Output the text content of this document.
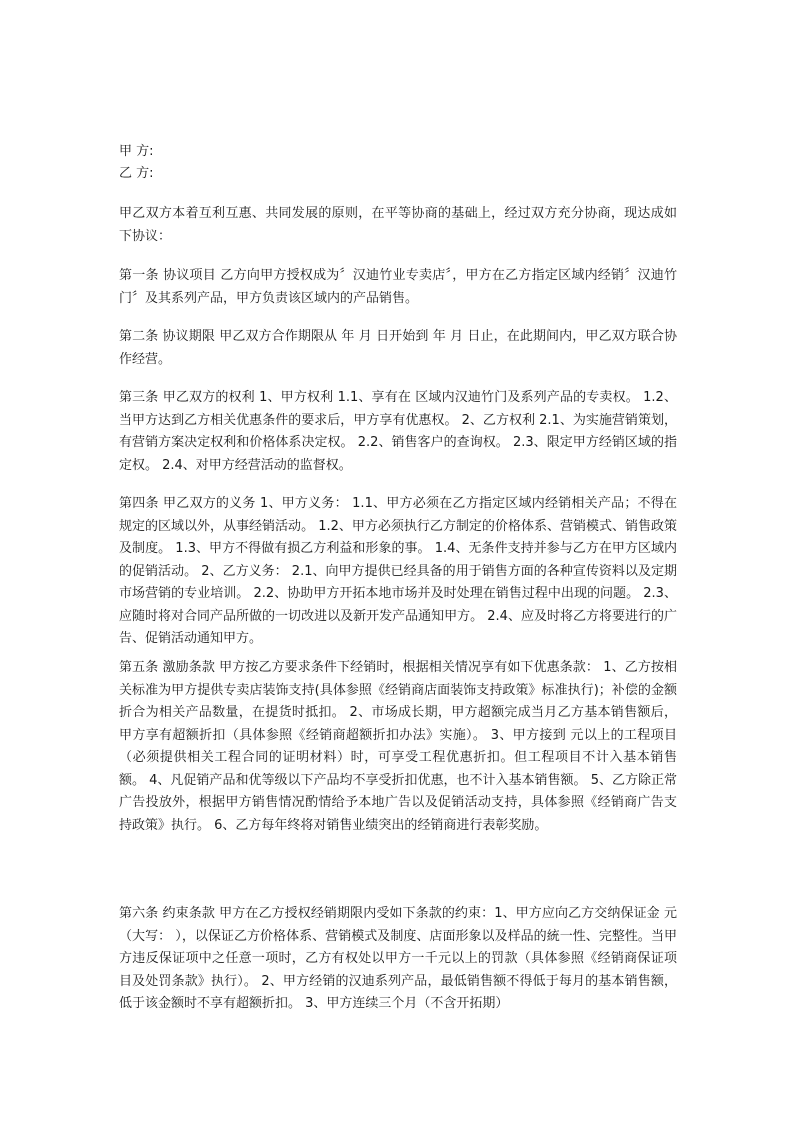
甲 方:

乙 方:

甲乙双方本着互利互惠、共同发展的原则，在平等协商的基础上，经过双方充分协商，现达成如下协议：

第一条 协议项目 乙方向甲方授权成为〞汉迪竹业专卖店〞，甲方在乙方指定区域内经销〞汉迪竹门〞及其系列产品，甲方负责该区域内的产品销售。

第二条 协议期限 甲乙双方合作期限从 年 月 日开始到 年 月 日止，在此期间内，甲乙双方联合协作经营。

第三条 甲乙双方的权利 1、甲方权利 1.1、享有在 区域内汉迪竹门及系列产品的专卖权。 1.2、当甲方达到乙方相关优惠条件的要求后，甲方享有优惠权。 2、乙方权利 2.1、为实施营销策划，有营销方案决定权利和价格体系决定权。 2.2、销售客户的查询权。 2.3、限定甲方经销区域的指定权。 2.4、对甲方经营活动的监督权。

第四条 甲乙双方的义务 1、甲方义务： 1.1、甲方必须在乙方指定区域内经销相关产品；不得在规定的区域以外，从事经销活动。 1.2、甲方必须执行乙方制定的价格体系、营销模式、销售政策及制度。 1.3、甲方不得做有损乙方利益和形象的事。 1.4、无条件支持并参与乙方在甲方区域内的促销活动。 2、乙方义务： 2.1、向甲方提供已经具备的用于销售方面的各种宣传资料以及定期市场营销的专业培训。 2.2、协助甲方开拓本地市场并及时处理在销售过程中出现的问题。 2.3、应随时将对合同产品所做的一切改进以及新开发产品通知甲方。 2.4、应及时将乙方将要进行的广告、促销活动通知甲方。

第五条 激励条款 甲方按乙方要求条件下经销时，根据相关情况享有如下优惠条款： 1、乙方按相关标准为甲方提供专卖店装饰支持(具体参照《经销商店面装饰支持政策》标准执行)；补偿的金额折合为相关产品数量，在提货时抵扣。 2、市场成长期，甲方超额完成当月乙方基本销售额后，甲方享有超额折扣（具体参照《经销商超额折扣办法》实施）。 3、甲方接到 元以上的工程项目（必须提供相关工程合同的证明材料）时，可享受工程优惠折扣。但工程项目不计入基本销售额。 4、凡促销产品和优等级以下产品均不享受折扣优惠，也不计入基本销售额。 5、乙方除正常广告投放外，根据甲方销售情况酌情给予本地广告以及促销活动支持，具体参照《经销商广告支持政策》执行。 6、乙方每年终将对销售业绩突出的经销商进行表彰奖励。

第六条 约束条款 甲方在乙方授权经销期限内受如下条款的约束：1、甲方应向乙方交纳保证金 元（大写： ），以保证乙方价格体系、营销模式及制度、店面形象以及样品的統一性、完整性。当甲方违反保证项中之任意一项时，乙方有权处以甲方一千元以上的罚款（具体参照《经销商保证项目及处罚条款》执行）。 2、甲方经销的汉迪系列产品，最低销售额不得低于每月的基本销售额，低于该金额时不享有超额折扣。 3、甲方连续三个月（不含开拓期）
